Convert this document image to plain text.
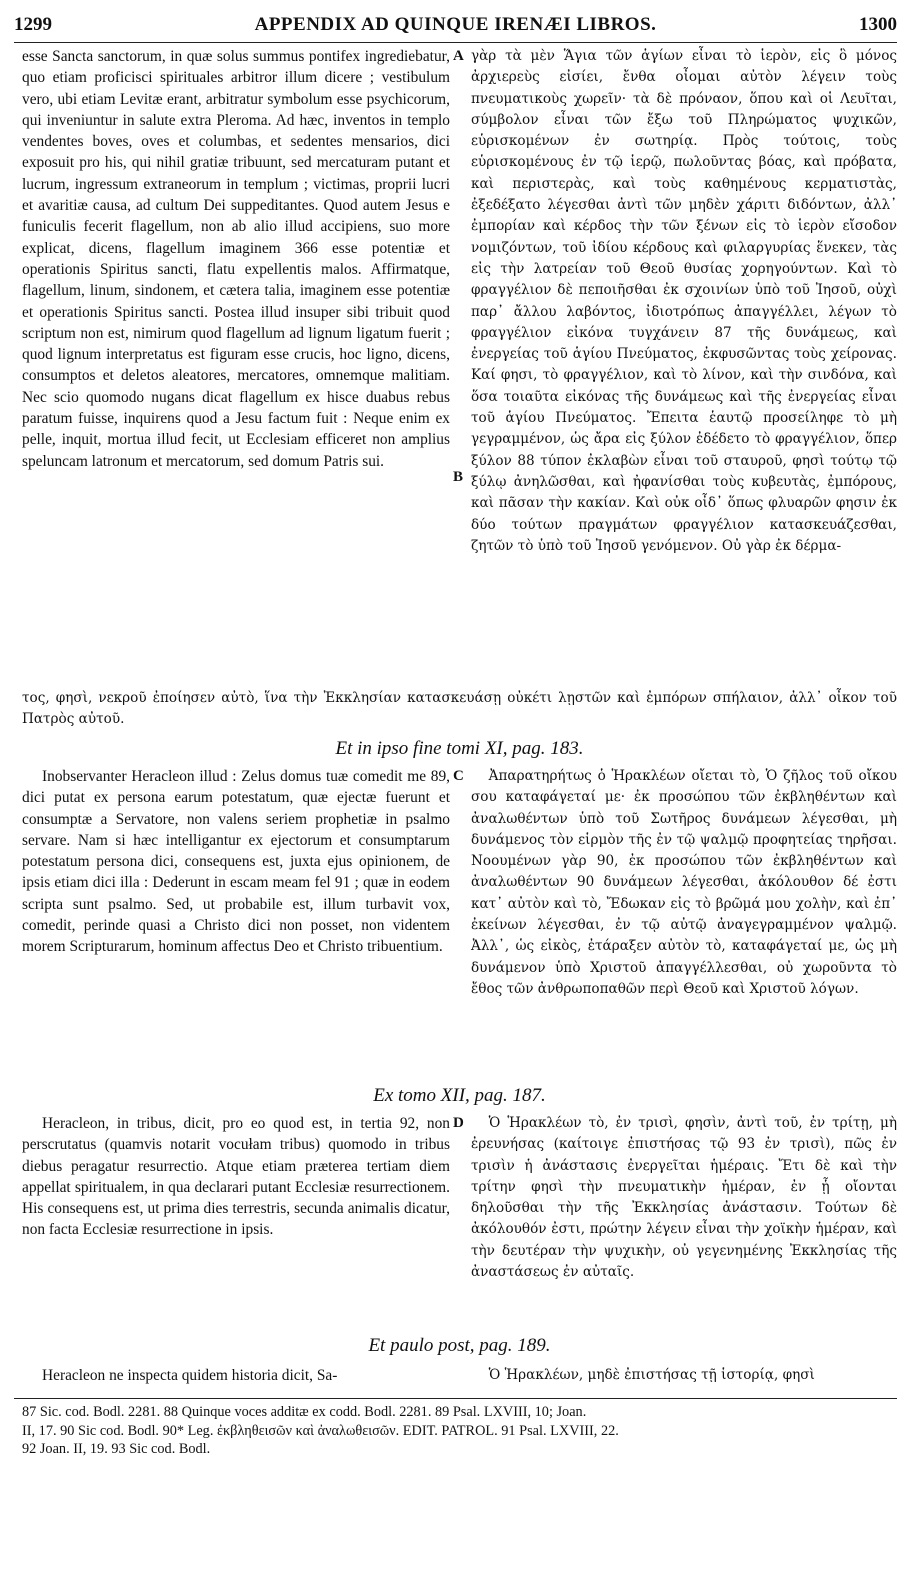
1299	APPENDIX AD QUINQUE IRENÆI LIBROS.	1300

esse Sancta sanctorum, in quæ solus summus pontifex ingrediebatur, quo etiam proficisci spirituales arbitror illum dicere ; vestibulum vero, ubi etiam Levitæ erant, arbitratur symbolum esse psychicorum, qui inveniuntur in salute extra Pleroma. Ad hæc, inventos in templo vendentes boves, oves et columbas, et sedentes mensarios, dici exposuit pro his, qui nihil gratiæ tribuunt, sed mercaturam putant et lucrum, ingressum extraneorum in templum ; victimas, proprii lucri et avaritiæ causa, ad cultum Dei suppeditantes. Quod autem Jesus e funiculis fecerit flagellum, non ab alio illud accipiens, suo more explicat, dicens, flagellum imaginem 366 esse potentiæ et operationis Spiritus sancti, flatu expellentis malos. Affirmatque, flagellum, linum, sindonem, et cætera talia, imaginem esse potentiæ et operationis Spiritus sancti. Postea illud insuper sibi tribuit quod scriptum non est, nimirum quod flagellum ad lignum ligatum fuerit ; quod lignum interpretatus est figuram esse crucis, hoc ligno, dicens, consumptos et deletos aleatores, mercatores, omnemque malitiam. Nec scio quomodo nugans dicat flagellum ex hisce duabus rebus paratum fuisse, inquirens quod a Jesu factum fuit : Neque enim ex pelle, inquit, mortua illud fecit, ut Ecclesiam efficeret non amplius speluncam latronum et mercatorum, sed domum Patris sui.

A
B

γὰρ τὰ μὲν Ἅγια τῶν ἁγίων εἶναι τὸ ἱερὸν, εἰς ὃ μόνος ἀρχιερεὺς εἰσίει, ἔνθα οἶομαι αὐτὸν λέγειν τοὺς πνευματικοὺς χωρεῖν· τὰ δὲ πρόναον, ὅπου καὶ οἱ Λευῖται, σύμβολον εἶναι τῶν ἔξω τοῦ Πληρώματος ψυχικῶν, εὑρισκομένων ἐν σωτηρίᾳ. Πρὸς τούτοις, τοὺς εὑρισκομένους ἐν τῷ ἱερῷ, πωλοῦντας βόας, καὶ πρόβατα, καὶ περιστερὰς, καὶ τοὺς καθημένους κερματιστὰς, ἐξεδέξατο λέγεσθαι ἀντὶ τῶν μηδὲν χάριτι διδόντων, ἀλλ᾽ ἐμπορίαν καὶ κέρδος τὴν τῶν ξένων εἰς τὸ ἱερὸν εἴσοδον νομιζόντων, τοῦ ἰδίου κέρδους καὶ φιλαργυρίας ἕνεκεν, τὰς εἰς τὴν λατρείαν τοῦ Θεοῦ θυσίας χορηγούντων. Καὶ τὸ φραγγέλιον δὲ πεποιῆσθαι ἐκ σχοινίων ὑπὸ τοῦ Ἰησοῦ, οὐχὶ παρ᾽ ἄλλου λαβόντος, ἰδιοτρόπως ἀπαγγέλλει, λέγων τὸ φραγγέλιον εἰκόνα τυγχάνειν 87 τῆς δυνάμεως, καὶ ἐνεργείας τοῦ ἁγίου Πνεύματος, ἐκφυσῶντας τοὺς χείρονας. Καί φησι, τὸ φραγγέλιον, καὶ τὸ λίνον, καὶ τὴν σινδόνα, καὶ ὅσα τοιαῦτα εἰκόνας τῆς δυνάμεως καὶ τῆς ἐνεργείας εἶναι τοῦ ἁγίου Πνεύματος. Ἔπειτα ἑαυτῷ προσείληφε τὸ μὴ γεγραμμένον, ὡς ἄρα εἰς ξύλον ἐδέδετο τὸ φραγγέλιον, ὅπερ ξύλον 88 τύπον ἐκλαβὼν εἶναι τοῦ σταυροῦ, φησὶ τούτῳ τῷ ξύλῳ ἀνηλῶσθαι, καὶ ἠφανίσθαι τοὺς κυβευτὰς, ἐμπόρους, καὶ πᾶσαν τὴν κακίαν. Καὶ οὐκ οἶδ᾽ ὅπως φλυαρῶν φησιν ἐκ δύο τούτων πραγμάτων φραγγέλιον κατασκευάζεσθαι, ζητῶν τὸ ὑπὸ τοῦ Ἰησοῦ γενόμενον. Οὐ γὰρ ἐκ δέρμα-

τος, φησὶ, νεκροῦ ἐποίησεν αὐτὸ, ἵνα τὴν Ἐκκλησίαν κατασκευάσῃ οὐκέτι λῃστῶν καὶ ἐμπόρων σπήλαιον, ἀλλ᾽ οἶκον τοῦ Πατρὸς αὐτοῦ.
Et in ipso fine tomi XI, pag. 183.

Inobservanter Heracleon illud : Zelus domus tuæ comedit me 89, dici putat ex persona earum potestatum, quæ ejectæ fuerunt et consumptæ a Servatore, non valens seriem prophetiæ in psalmo servare. Nam si hæc intelligantur ex ejectorum et consumptarum potestatum persona dici, consequens est, juxta ejus opinionem, de ipsis etiam dici illa : Dederunt in escam meam fel 91 ; quæ in eodem scripta sunt psalmo. Sed, ut probabile est, illum turbavit vox, comedit, perinde quasi a Christo dici non posset, non videntem morem Scripturarum, hominum affectus Deo et Christo tribuentium.

C	Ἀπαρατηρήτως ὁ Ἡρακλέων οἴεται τὸ, Ὁ ζῆλος τοῦ οἴκου σου καταφάγεταί με· ἐκ προσώπου τῶν ἐκβληθέντων καὶ ἀναλωθέντων ὑπὸ τοῦ Σωτῆρος δυνάμεων λέγεσθαι, μὴ δυνάμενος τὸν εἱρμὸν τῆς ἐν τῷ ψαλμῷ προφητείας τηρῆσαι. Νοουμένων γὰρ 90, ἐκ προσώπου τῶν ἐκβληθέντων καὶ ἀναλωθέντων 90 δυνάμεων λέγεσθαι, ἀκόλουθον δέ ἐστι κατ᾽ αὐτὸν καὶ τὸ, Ἔδωκαν εἰς τὸ βρῶμά μου χολὴν, καὶ ἐπ᾽ ἐκείνων λέγεσθαι, ἐν τῷ αὐτῷ ἀναγεγραμμένον ψαλμῷ. Ἀλλ᾽, ὡς εἰκὸς, ἐτάραξεν αὐτὸν τὸ, καταφάγεταί με, ὡς μὴ δυνάμενον ὑπὸ Χριστοῦ ἀπαγγέλλεσθαι, οὐ χωροῦντα τὸ ἔθος τῶν ἀνθρωποπαθῶν περὶ Θεοῦ καὶ Χριστοῦ λόγων.

Ex tomo XII, pag. 187.

Heracleon, in tribus, dicit, pro eo quod est, in tertia 92, non perscrutatus (quamvis notarit vocułam tribus) quomodo in tribus diebus peragatur resurrectio. Atque etiam præterea tertiam diem appellat spiritualem, in qua declarari putant Ecclesiæ resurrectionem. His consequens est, ut prima dies terrestris, secunda animalis dicatur, non facta Ecclesiæ resurrectione in ipsis.

D	Ὁ Ἡρακλέων τὸ, ἐν τρισὶ, φησὶν, ἀντὶ τοῦ, ἐν τρίτῃ, μὴ ἐρευνήσας (καίτοιγε ἐπιστήσας τῷ 93 ἐν τρισὶ), πῶς ἐν τρισὶν ἡ ἀνάστασις ἐνεργεῖται ἡμέραις. Ἔτι δὲ καὶ τὴν τρίτην φησὶ τὴν πνευματικὴν ἡμέραν, ἐν ᾗ οἴονται δηλοῦσθαι τὴν τῆς Ἐκκλησίας ἀνάστασιν. Τούτων δὲ ἀκόλουθόν ἐστι, πρώτην λέγειν εἶναι τὴν χοϊκὴν ἡμέραν, καὶ τὴν δευτέραν τὴν ψυχικὴν, οὐ γεγενημένης Ἐκκλησίας τῆς ἀναστάσεως ἐν αὐταῖς.

Et paulo post, pag. 189.

Heracleon ne inspecta quidem historia dicit, Sa-	Ὁ Ἡρακλέων, μηδὲ ἐπιστήσας τῇ ἱστορίᾳ, φησὶ

87 Sic. cod. Bodl. 2281. 88 Quinque voces additæ ex codd. Bodl. 2281. 89 Psal. LXVIII, 10; Joan.
II, 17. 90 Sic cod. Bodl. 90* Leg. ἐκβληθεισῶν καὶ ἀναλωθεισῶν. EDIT. PATROL. 91 Psal. LXVIII, 22.
92 Joan. II, 19. 93 Sic cod. Bodl.
